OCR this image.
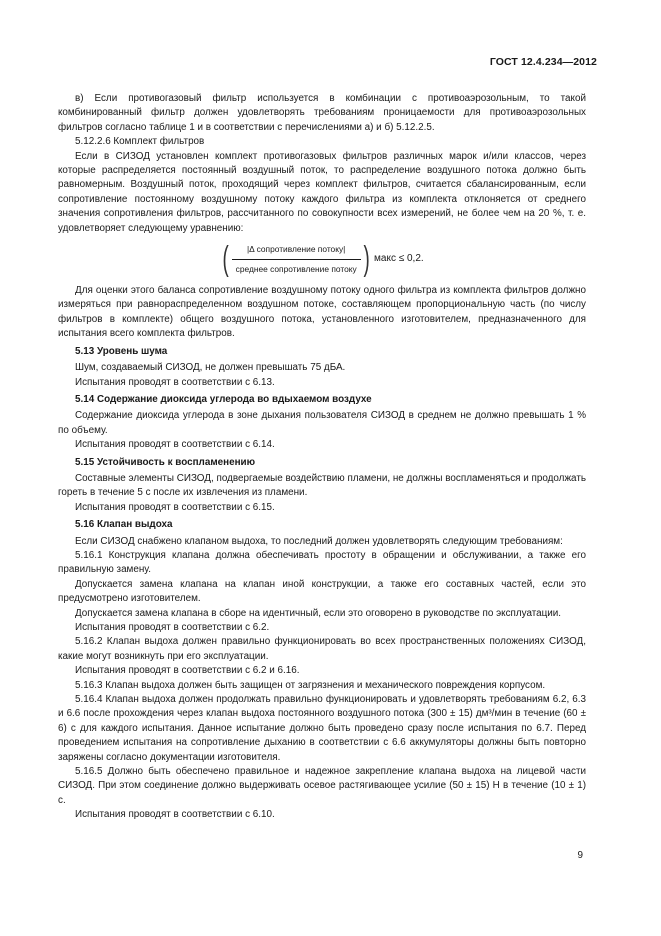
ГОСТ 12.4.234—2012

в) Если противогазовый фильтр используется в комбинации с противоаэрозольным, то такой комбинированный фильтр должен удовлетворять требованиям проницаемости для противоаэрозольных фильтров согласно таблице 1 и в соответствии с перечислениями а) и б) 5.12.2.5.

5.12.2.6 Комплект фильтров

Если в СИЗОД установлен комплект противогазовых фильтров различных марок и/или классов, через которые распределяется постоянный воздушный поток, то распределение воздушного потока должно быть равномерным. Воздушный поток, проходящий через комплект фильтров, считается сбалансированным, если сопротивление постоянному воздушному потоку каждого фильтра из комплекта отклоняется от среднего значения сопротивления фильтров, рассчитанного по совокупности всех измерений, не более чем на 20 %, т. е. удовлетворяет следующему уравнению:

( $\frac{\text{|Δ сопротивление потоку|}}{\text{среднее сопротивление потоку}}$ ) макс ≤ 0,2.

Для оценки этого баланса сопротивление воздушному потоку одного фильтра из комплекта фильтров должно измеряться при равнораспределенном воздушном потоке, составляющем пропорциональную часть (по числу фильтров в комплекте) общего воздушного потока, установленного изготовителем, предназначенного для испытания всего комплекта фильтров.

5.13 Уровень шума

Шум, создаваемый СИЗОД, не должен превышать 75 дБА.

Испытания проводят в соответствии с 6.13.

5.14 Содержание диоксида углерода во вдыхаемом воздухе

Содержание диоксида углерода в зоне дыхания пользователя СИЗОД в среднем не должно превышать 1 % по объему.

Испытания проводят в соответствии с 6.14.

5.15 Устойчивость к воспламенению

Составные элементы СИЗОД, подвергаемые воздействию пламени, не должны воспламеняться и продолжать гореть в течение 5 с после их извлечения из пламени.

Испытания проводят в соответствии с 6.15.

5.16 Клапан выдоха

Если СИЗОД снабжено клапаном выдоха, то последний должен удовлетворять следующим требованиям:

5.16.1 Конструкция клапана должна обеспечивать простоту в обращении и обслуживании, а также его правильную замену.

Допускается замена клапана на клапан иной конструкции, а также его составных частей, если это предусмотрено изготовителем.

Допускается замена клапана в сборе на идентичный, если это оговорено в руководстве по эксплуатации.

Испытания проводят в соответствии с 6.2.

5.16.2 Клапан выдоха должен правильно функционировать во всех пространственных положениях СИЗОД, какие могут возникнуть при его эксплуатации.

Испытания проводят в соответствии с 6.2 и 6.16.

5.16.3 Клапан выдоха должен быть защищен от загрязнения и механического повреждения корпусом.

5.16.4 Клапан выдоха должен продолжать правильно функционировать и удовлетворять требованиям 6.2, 6.3 и 6.6 после прохождения через клапан выдоха постоянного воздушного потока (300 ± 15) дм³/мин в течение (60 ± 6) с для каждого испытания. Данное испытание должно быть проведено сразу после испытания по 6.7. Перед проведением испытания на сопротивление дыханию в соответствии с 6.6 аккумуляторы должны быть повторно заряжены согласно документации изготовителя.

5.16.5 Должно быть обеспечено правильное и надежное закрепление клапана выдоха на лицевой части СИЗОД. При этом соединение должно выдерживать осевое растягивающее усилие (50 ± 15) Н в течение (10 ± 1) с.

Испытания проводят в соответствии с 6.10.

9
